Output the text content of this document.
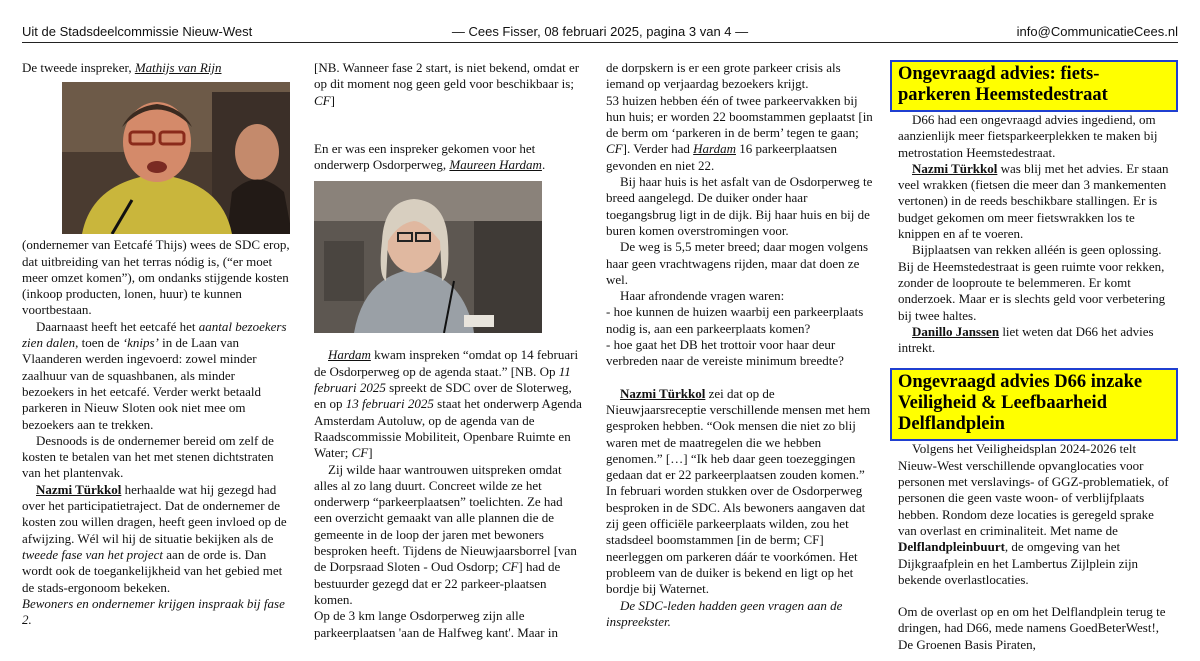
Uit de Stadsdeelcommissie Nieuw-West	— Cees Fisser, 08 februari 2025, pagina 3 van 4 —	info@CommunicatieCees.nl

De tweede inspreker, Mathijs van Rijn

(ondernemer van Eetcafé Thijs) wees de SDC erop, dat uitbreiding van het terras nódig is, (“er moet meer omzet komen”), om ondanks stijgende kosten (inkoop producten, lonen, huur) te kunnen voortbestaan.

Daarnaast heeft het eetcafé het aantal bezoekers zien dalen, toen de ‘knips’ in de Laan van Vlaanderen werden ingevoerd: zowel minder zaalhuur van de squashbanen, als minder bezoekers in het eetcafé. Verder werkt betaald parkeren in Nieuw Sloten ook niet mee om bezoekers aan te trekken.

Desnoods is de ondernemer bereid om zelf de kosten te betalen van het met stenen dichtstraten van het plantenvak.

Nazmi Türkkol herhaalde wat hij gezegd had over het participatietraject. Dat de ondernemer de kosten zou willen dragen, heeft geen invloed op de afwijzing. Wél wil hij de situatie bekijken als de tweede fase van het project aan de orde is. Dan wordt ook de toegankelijkheid van het gebied met de stads-ergonoom bekeken.

Bewoners en ondernemer krijgen inspraak bij fase 2.

[NB. Wanneer fase 2 start, is niet bekend, omdat er op dit moment nog geen geld voor beschikbaar is; CF]

En er was een inspreker gekomen voor het onderwerp Osdorperweg, Maureen Hardam.

Hardam kwam inspreken “omdat op 14 februari de Osdorperweg op de agenda staat.” [NB. Op 11 februari 2025 spreekt de SDC over de Sloterweg, en op 13 februari 2025 staat het onderwerp Agenda Amsterdam Autoluw, op de agenda van de Raadscommissie Mobiliteit, Openbare Ruimte en Water; CF]

Zij wilde haar wantrouwen uitspreken omdat alles al zo lang duurt. Concreet wilde ze het onderwerp “parkeerplaatsen” toelichten. Ze had een overzicht gemaakt van alle plannen die de gemeente in de loop der jaren met bewoners besproken heeft. Tijdens de Nieuwjaarsborrel [van de Dorpsraad Sloten - Oud Osdorp; CF] had de bestuurder gezegd dat er 22 parkeer-plaatsen komen.

Op de 3 km lange Osdorperweg zijn alle parkeerplaatsen 'aan de Halfweg kant'. Maar in

de dorpskern is er een grote parkeer crisis als iemand op verjaardag bezoekers krijgt.

53 huizen hebben één of twee parkeervakken bij hun huis; er worden 22 boomstammen geplaatst [in de berm om ‘parkeren in de berm’ tegen te gaan; CF]. Verder had Hardam 16 parkeerplaatsen gevonden en niet 22.

Bij haar huis is het asfalt van de Osdorperweg te breed aangelegd. De duiker onder haar toegangsbrug ligt in de dijk. Bij haar huis en bij de buren komen overstromingen voor.

De weg is 5,5 meter breed; daar mogen volgens haar geen vrachtwagens rijden, maar dat doen ze wel.

Haar afrondende vragen waren:

- hoe kunnen de huizen waarbij een parkeerplaats nodig is, aan een parkeerplaats komen?

- hoe gaat het DB het trottoir voor haar deur verbreden naar de vereiste minimum breedte?

Nazmi Türkkol zei dat op de Nieuwjaarsreceptie verschillende mensen met hem gesproken hebben. “Ook mensen die niet zo blij waren met de maatregelen die we hebben genomen.” […] “Ik heb daar geen toezeggingen gedaan dat er 22 parkeerplaatsen zouden komen.” In februari worden stukken over de Osdorperweg besproken in de SDC. Als bewoners aangaven dat zij geen officiële parkeerplaats wilden, zou het stadsdeel boomstammen [in de berm; CF] neerleggen om parkeren dáár te voorkómen. Het probleem van de duiker is bekend en ligt op het bordje bij Waternet.

De SDC-leden hadden geen vragen aan de inspreekster.

Ongevraagd advies: fiets-parkeren Heemstedestraat

D66 had een ongevraagd advies ingediend, om aanzienlijk meer fietsparkeerplekken te maken bij metrostation Heemstedestraat.

Nazmi Türkkol was blij met het advies. Er staan veel wrakken (fietsen die meer dan 3 mankementen vertonen) in de reeds beschikbare stallingen. Er is budget gekomen om meer fietswrakken los te knippen en af te voeren.

Bijplaatsen van rekken alléén is geen oplossing. Bij de Heemstedestraat is geen ruimte voor rekken, zonder de looproute te belemmeren. Er komt onderzoek. Maar er is slechts geld voor verbetering bij twee haltes.

Danillo Janssen liet weten dat D66 het advies intrekt.

Ongevraagd advies D66 inzake Veiligheid & Leefbaarheid Delflandplein

Volgens het Veiligheidsplan 2024-2026 telt Nieuw-West verschillende opvanglocaties voor personen met verslavings- of GGZ-problematiek, of personen die geen vaste woon- of verblijfplaats hebben. Rondom deze locaties is geregeld sprake van overlast en criminaliteit. Met name de Delflandpleinbuurt, de omgeving van het Dijkgraafplein en het Lambertus Zijlplein zijn bekende overlastlocaties.

Om de overlast op en om het Delflandplein terug te dringen, had D66, mede namens GoedBeterWest!, De Groenen Basis Piraten,
